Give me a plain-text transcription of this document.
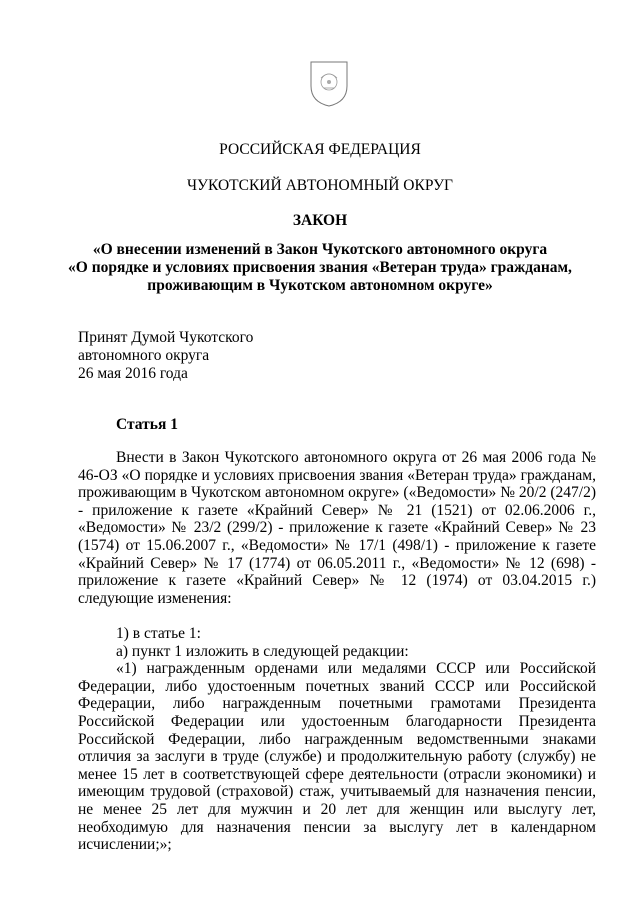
РОССИЙСКАЯ ФЕДЕРАЦИЯ
ЧУКОТСКИЙ АВТОНОМНЫЙ ОКРУГ
ЗАКОН
«О внесении изменений в Закон Чукотского автономного округа
«О порядке и условиях присвоения звания «Ветеран труда» гражданам,
проживающим в Чукотском автономном округе»
Принят Думой Чукотского
автономного округа
26 мая 2016 года
Статья 1
Внести в Закон Чукотского автономного округа от 26 мая 2006 года № 46-ОЗ «О порядке и условиях присвоения звания «Ветеран труда» гражданам, проживающим в Чукотском автономном округе» («Ведомости» № 20/2 (247/2) - приложение к газете «Крайний Север» № 21 (1521) от 02.06.2006 г., «Ведомости» № 23/2 (299/2) - приложение к газете «Крайний Север» № 23 (1574) от 15.06.2007 г., «Ведомости» № 17/1 (498/1) - приложение к газете «Крайний Север» № 17 (1774) от 06.05.2011 г., «Ведомости» № 12 (698) - приложение к газете «Крайний Север» № 12 (1974) от 03.04.2015 г.) следующие изменения:
1) в статье 1:
а) пункт 1 изложить в следующей редакции:
«1) награжденным орденами или медалями СССР или Российской Федерации, либо удостоенным почетных званий СССР или Российской Федерации, либо награжденным почетными грамотами Президента Российской Федерации или удостоенным благодарности Президента Российской Федерации, либо награжденным ведомственными знаками отличия за заслуги в труде (службе) и продолжительную работу (службу) не менее 15 лет в соответствующей сфере деятельности (отрасли экономики) и имеющим трудовой (страховой) стаж, учитываемый для назначения пенсии, не менее 25 лет для мужчин и 20 лет для женщин или выслугу лет, необходимую для назначения пенсии за выслугу лет в календарном исчислении;»;
